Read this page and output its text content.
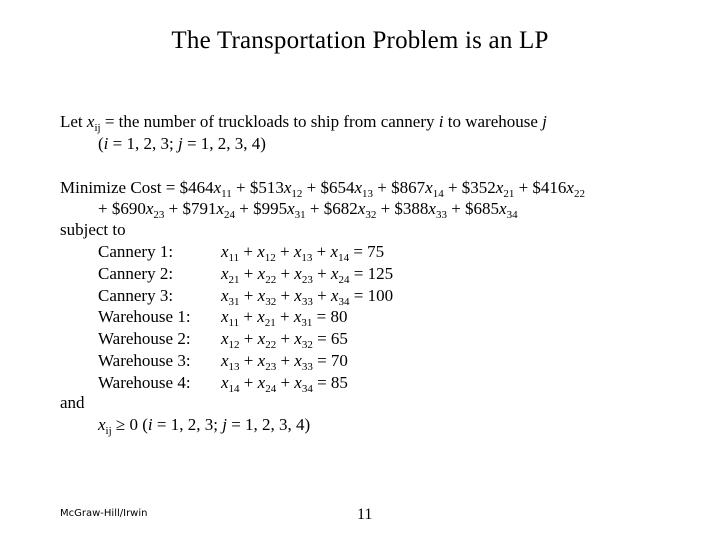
The Transportation Problem is an LP
Let $x_{ij}$ = the number of truckloads to ship from cannery i to warehouse j
(i = 1, 2, 3; j = 1, 2, 3, 4)
Minimize Cost = $\$464x_{11}$ + $\$513x_{12}$ + $\$654x_{13}$ + $\$867x_{14}$ + $\$352x_{21}$ + $\$416x_{22}$
+ $\$690x_{23}$ + $\$791x_{24}$ + $\$995x_{31}$ + $\$682x_{32}$ + $\$388x_{33}$ + $\$685x_{34}$
subject to
Cannery 1:	$x_{11} + x_{12} + x_{13} + x_{14} = 75$
Cannery 2:	$x_{21} + x_{22} + x_{23} + x_{24} = 125$
Cannery 3:	$x_{31} + x_{32} + x_{33} + x_{34} = 100$
Warehouse 1: $x_{11} + x_{21} + x_{31} = 80$
Warehouse 2: $x_{12} + x_{22} + x_{32} = 65$
Warehouse 3: $x_{13} + x_{23} + x_{33} = 70$
Warehouse 4: $x_{14} + x_{24} + x_{34} = 85$
and
$x_{ij} \ge 0$ (i = 1, 2, 3; j = 1, 2, 3, 4)
McGraw-Hill/Irwin	11
